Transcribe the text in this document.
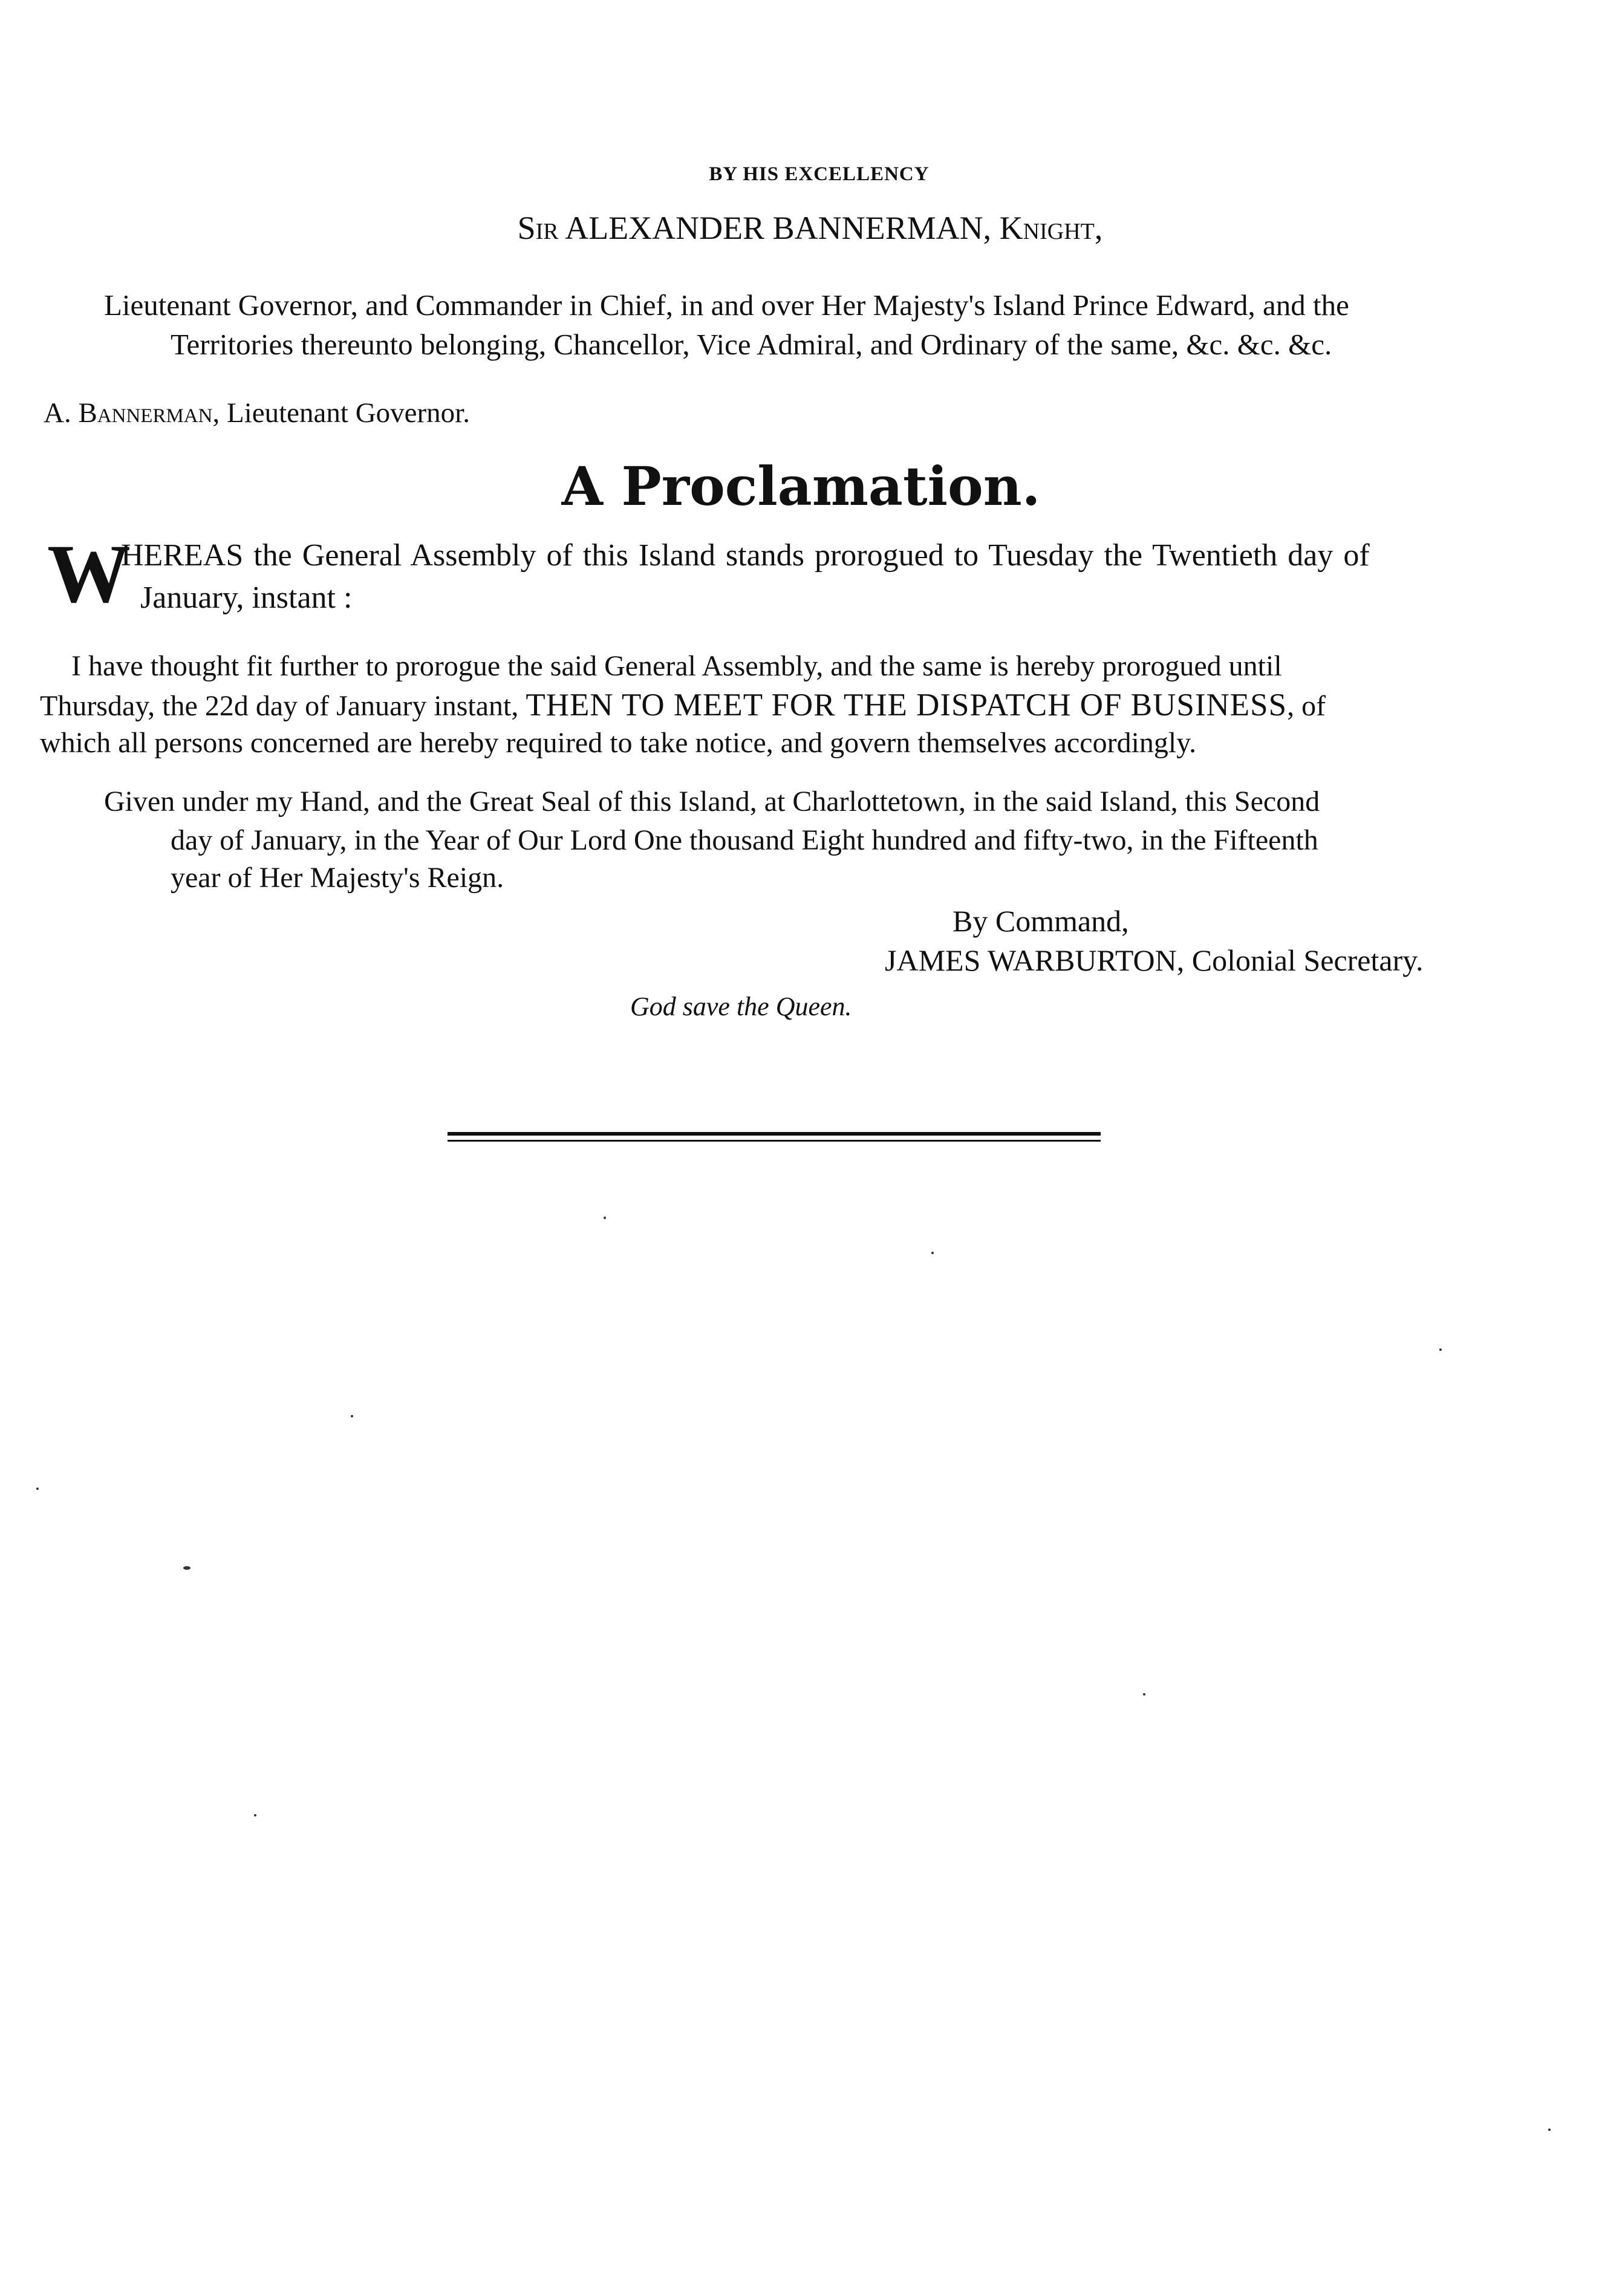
BY HIS EXCELLENCY
Sir ALEXANDER BANNERMAN, Knight,
Lieutenant Governor, and Commander in Chief, in and over Her Majesty's Island Prince Edward, and the
Territories thereunto belonging, Chancellor, Vice Admiral, and Ordinary of the same, &c. &c. &c.
A. Bannerman, Lieutenant Governor.
A Proclamation.
W
HEREAS the General Assembly of this Island stands prorogued to Tuesday the Twentieth day of
January, instant :
I have thought fit further to prorogue the said General Assembly, and the same is hereby prorogued until
Thursday, the 22d day of January instant, THEN TO MEET FOR THE DISPATCH OF BUSINESS, of
which all persons concerned are hereby required to take notice, and govern themselves accordingly.
Given under my Hand, and the Great Seal of this Island, at Charlottetown, in the said Island, this Second
day of January, in the Year of Our Lord One thousand Eight hundred and fifty-two, in the Fifteenth
year of Her Majesty's Reign.
By Command,
JAMES WARBURTON, Colonial Secretary.
God save the Queen.
